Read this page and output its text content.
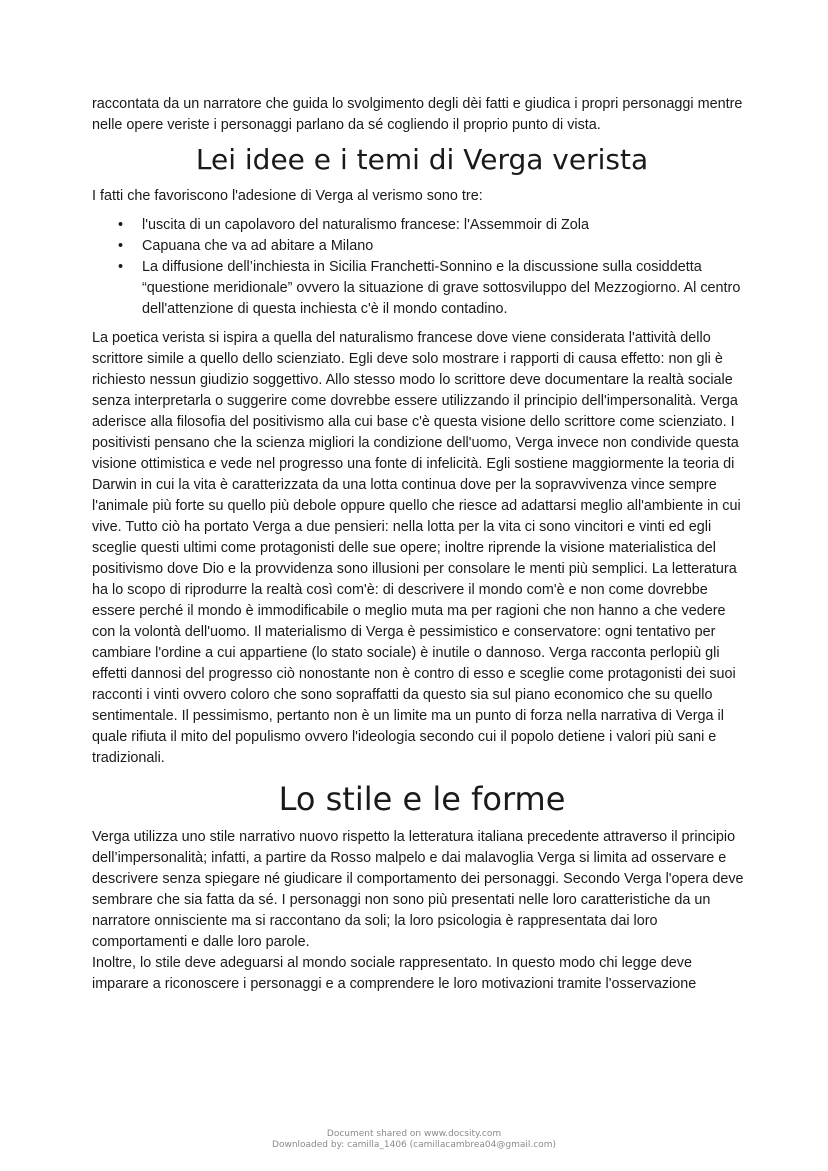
raccontata da un narratore che guida lo svolgimento degli dèi fatti e giudica i propri personaggi mentre nelle opere veriste i personaggi parlano da sé cogliendo il proprio punto di vista.

Lei idee e i temi di Verga verista

I fatti che favoriscono l'adesione di Verga al verismo sono tre:

• l'uscita di un capolavoro del naturalismo francese: l'Assemmoir di Zola
• Capuana che va ad abitare a Milano
• La diffusione dell’inchiesta in Sicilia Franchetti-Sonnino e la discussione sulla cosiddetta “questione meridionale” ovvero la situazione di grave sottosviluppo del Mezzogiorno. Al centro dell'attenzione di questa inchiesta c'è il mondo contadino.

La poetica verista si ispira a quella del naturalismo francese dove viene considerata l'attività dello scrittore simile a quello dello scienziato. Egli deve solo mostrare i rapporti di causa effetto: non gli è richiesto nessun giudizio soggettivo. Allo stesso modo lo scrittore deve documentare la realtà sociale senza interpretarla o suggerire come dovrebbe essere utilizzando il principio dell'impersonalità. Verga aderisce alla filosofia del positivismo alla cui base c'è questa visione dello scrittore come scienziato. I positivisti pensano che la scienza migliori la condizione dell'uomo, Verga invece non condivide questa visione ottimistica e vede nel progresso una fonte di infelicità. Egli sostiene maggiormente la teoria di Darwin in cui la vita è caratterizzata da una lotta continua dove per la sopravvivenza vince sempre l'animale più forte su quello più debole oppure quello che riesce ad adattarsi meglio all'ambiente in cui vive. Tutto ciò ha portato Verga a due pensieri: nella lotta per la vita ci sono vincitori e vinti ed egli sceglie questi ultimi come protagonisti delle sue opere; inoltre riprende la visione materialistica del positivismo dove Dio e la provvidenza sono illusioni per consolare le menti più semplici. La letteratura ha lo scopo di riprodurre la realtà così com'è: di descrivere il mondo com'è e non come dovrebbe essere perché il mondo è immodificabile o meglio muta ma per ragioni che non hanno a che vedere con la volontà dell'uomo. Il materialismo di Verga è pessimistico e conservatore: ogni tentativo per cambiare l'ordine a cui appartiene (lo stato sociale) è inutile o dannoso. Verga racconta perlopiù gli effetti dannosi del progresso ciò nonostante non è contro di esso e sceglie come protagonisti dei suoi racconti i vinti ovvero coloro che sono sopraffatti da questo sia sul piano economico che su quello sentimentale. Il pessimismo, pertanto non è un limite ma un punto di forza nella narrativa di Verga il quale rifiuta il mito del populismo ovvero l'ideologia secondo cui il popolo detiene i valori più sani e tradizionali.

Lo stile e le forme

Verga utilizza uno stile narrativo nuovo rispetto la letteratura italiana precedente attraverso il principio dell’impersonalità; infatti, a partire da Rosso malpelo e dai malavoglia Verga si limita ad osservare e descrivere senza spiegare né giudicare il comportamento dei personaggi. Secondo Verga l'opera deve sembrare che sia fatta da sé. I personaggi non sono più presentati nelle loro caratteristiche da un narratore onnisciente ma si raccontano da soli; la loro psicologia è rappresentata dai loro comportamenti e dalle loro parole.

Inoltre, lo stile deve adeguarsi al mondo sociale rappresentato. In questo modo chi legge deve imparare a riconoscere i personaggi e a comprendere le loro motivazioni tramite l'osservazione

Document shared on www.docsity.com
Downloaded by: camilla_1406 (camillacambrea04@gmail.com)
